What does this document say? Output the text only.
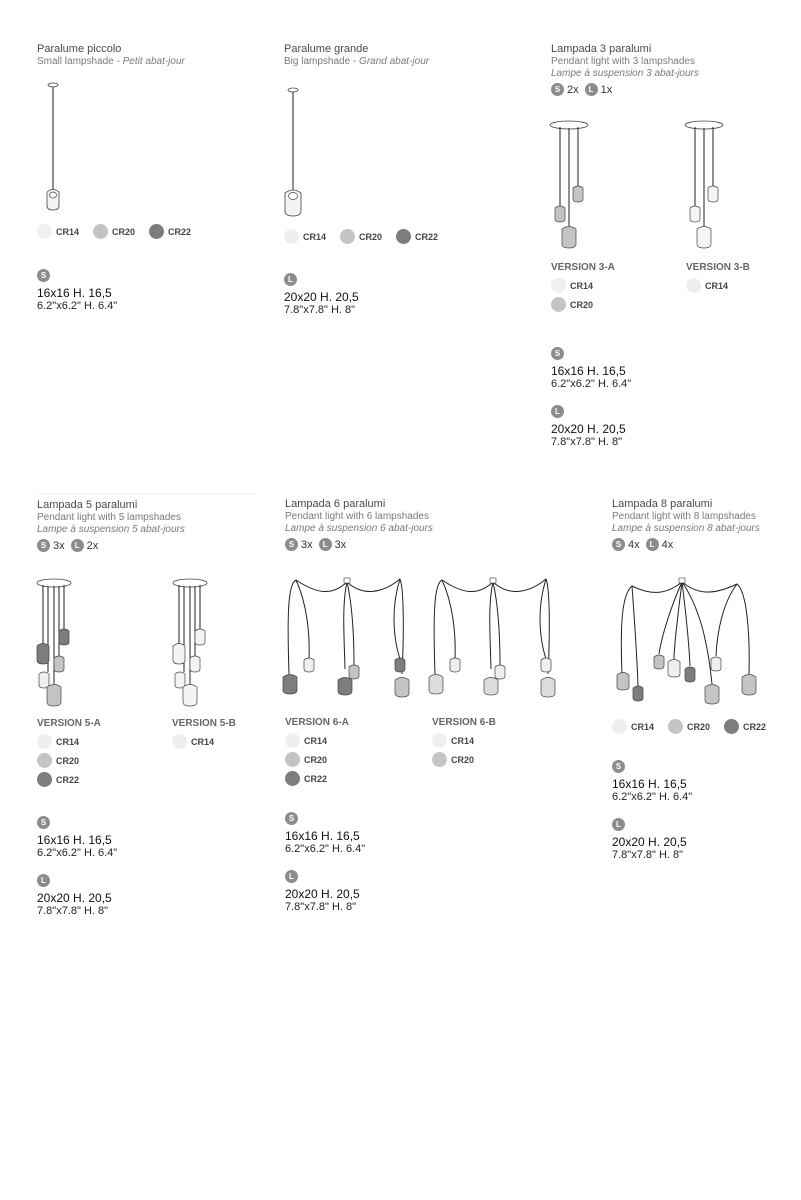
Paralume piccolo
Small lampshade - Petit abat-jour
CR14	CR20	CR22
S
16x16 H. 16,5
6.2"x6.2" H. 6.4"
Paralume grande
Big lampshade - Grand abat-jour
CR14	CR20	CR22
L
20x20 H. 20,5
7.8"x7.8" H. 8"
Lampada 3 paralumi
Pendant light with 3 lampshades
Lampe à suspension 3 abat-jours
S 2x	L 1x
VERSION 3-A
CR14
CR20
VERSION 3-B
CR14
S
16x16 H. 16,5
6.2"x6.2" H. 6.4"
L
20x20 H. 20,5
7.8"x7.8" H. 8"
Lampada 5 paralumi
Pendant light with 5 lampshades
Lampe à suspension 5 abat-jours
S 3x	L 2x
VERSION 5-A
CR14
CR20
CR22
VERSION 5-B
CR14
S
16x16 H. 16,5
6.2"x6.2" H. 6.4"
L
20x20 H. 20,5
7.8"x7.8" H. 8"
Lampada 6 paralumi
Pendant light with 6 lampshades
Lampe à suspension 6 abat-jours
S 3x	L 3x
VERSION 6-A
CR14
CR20
CR22
VERSION 6-B
CR14
CR20
S
16x16 H. 16,5
6.2"x6.2" H. 6.4"
L
20x20 H. 20,5
7.8"x7.8" H. 8"
Lampada 8 paralumi
Pendant light with 8 lampshades
Lampe à suspension 8 abat-jours
S 4x	L 4x
CR14	CR20	CR22
S
16x16 H. 16,5
6.2"x6.2" H. 6.4"
L
20x20 H. 20,5
7.8"x7.8" H. 8"
